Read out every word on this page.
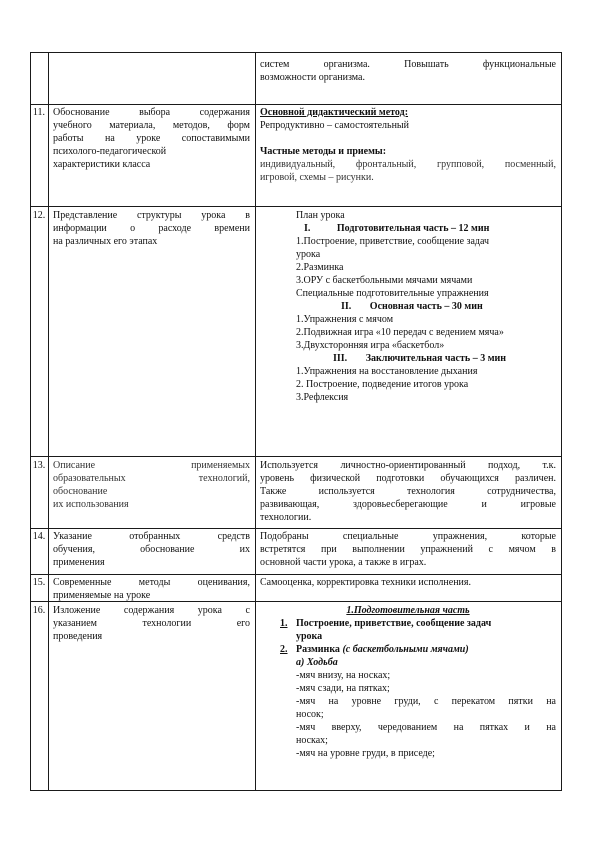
систем организма. Повышать функциональные
возможности организма.
11. Обоснование выбора содержания
учебного материала, методов, форм
работы на уроке сопоставимыми
психолого-педагогической
характеристики класса
Основной дидактический метод:
Репродуктивно – самостоятельный

Частные методы и приемы:
индивидуальный, фронтальный, групповой, посменный,
игровой, схемы – рисунки.
12. Представление структуры урока в
информации о расходе времени
на различных его этапах
План урока
I.	Подготовительная часть – 12 мин
1.Построение, приветствие, сообщение задач
урока
2.Разминка
3.ОРУ с баскетбольными мячами мячами
Специальные подготовительные упражнения
II. Основная часть – 30 мин
1.Упражнения с мячом
2.Подвижная игра «10 передач с ведением мяча»
3.Двухсторонняя игра «баскетбол»
III. Заключительная часть – 3 мин
1.Упражнения на восстановление дыхания
2. Построение, подведение итогов урока
3.Рефлексия
13. Описание применяемых
образовательных технологий,
обоснование
их использования
Используется личностно-ориентированный подход, т.к.
уровень физической подготовки обучающихся различен.
Также используется технология сотрудничества,
развивающая, здоровьесберегающие и игровые
технологии.
14. Указание отобранных средств
обучения, обоснование их
применения
Подобраны специальные упражнения, которые
встретятся при выполнении упражнений с мячом в
основной части урока, а также в играх.
15. Современные методы оценивания,
применяемые на уроке
Самооценка, корректировка техники исполнения.
16. Изложение содержания урока с
указанием технологии его
проведения
1.Подготовительная часть
1. Построение, приветствие, сообщение задач
урока
2. Разминка (с баскетбольными мячами)
а) Ходьба
-мяч внизу, на носках;
-мяч сзади, на пятках;
-мяч на уровне груди, с перекатом пятки на
носок;
-мяч вверху, чередованием на пятках и на
носках;
-мяч на уровне груди, в приседе;
